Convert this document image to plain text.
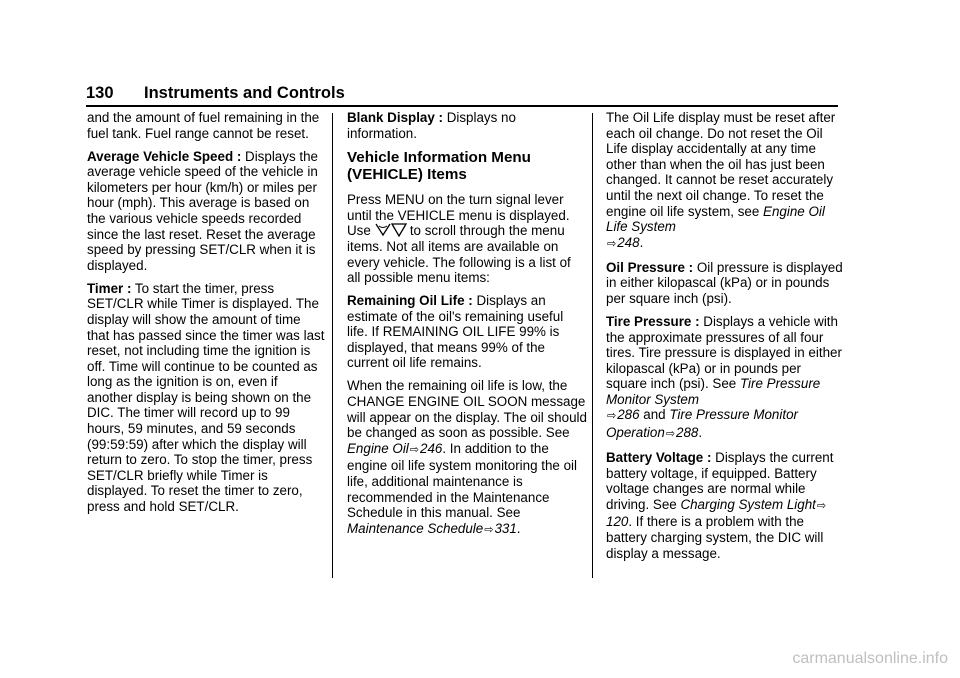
130 Instruments and Controls

and the amount of fuel remaining in the fuel tank. Fuel range cannot be reset.

Average Vehicle Speed : Displays the average vehicle speed of the vehicle in kilometers per hour (km/h) or miles per hour (mph). This average is based on the various vehicle speeds recorded since the last reset. Reset the average speed by pressing SET/CLR when it is displayed.

Timer : To start the timer, press SET/CLR while Timer is displayed. The display will show the amount of time that has passed since the timer was last reset, not including time the ignition is off. Time will continue to be counted as long as the ignition is on, even if another display is being shown on the DIC. The timer will record up to 99 hours, 59 minutes, and 59 seconds (99:59:59) after which the display will return to zero. To stop the timer, press SET/CLR briefly while Timer is displayed. To reset the timer to zero, press and hold SET/CLR.

Blank Display : Displays no information.

Vehicle Information Menu (VEHICLE) Items

Press MENU on the turn signal lever until the VEHICLE menu is displayed. Use	to scroll through the menu items. Not all items are available on every vehicle. The following is a list of all possible menu items:

Remaining Oil Life : Displays an estimate of the oil's remaining useful life. If REMAINING OIL LIFE 99% is displayed, that means 99% of the current oil life remains.

When the remaining oil life is low, the CHANGE ENGINE OIL SOON message will appear on the display. The oil should be changed as soon as possible. See Engine Oil⇨246. In addition to the engine oil life system monitoring the oil life, additional maintenance is recommended in the Maintenance Schedule in this manual. See Maintenance Schedule⇨331.

The Oil Life display must be reset after each oil change. Do not reset the Oil Life display accidentally at any time other than when the oil has just been changed. It cannot be reset accurately until the next oil change. To reset the engine oil life system, see Engine Oil Life System
⇨248.

Oil Pressure : Oil pressure is displayed in either kilopascal (kPa) or in pounds per square inch (psi).

Tire Pressure : Displays a vehicle with the approximate pressures of all four tires. Tire pressure is displayed in either kilopascal (kPa) or in pounds per square inch (psi). See Tire Pressure Monitor System
⇨286 and Tire Pressure Monitor Operation⇨288.

Battery Voltage : Displays the current battery voltage, if equipped. Battery voltage changes are normal while driving. See Charging System Light⇨120. If there is a problem with the battery charging system, the DIC will display a message.

carmanualsonline.info
